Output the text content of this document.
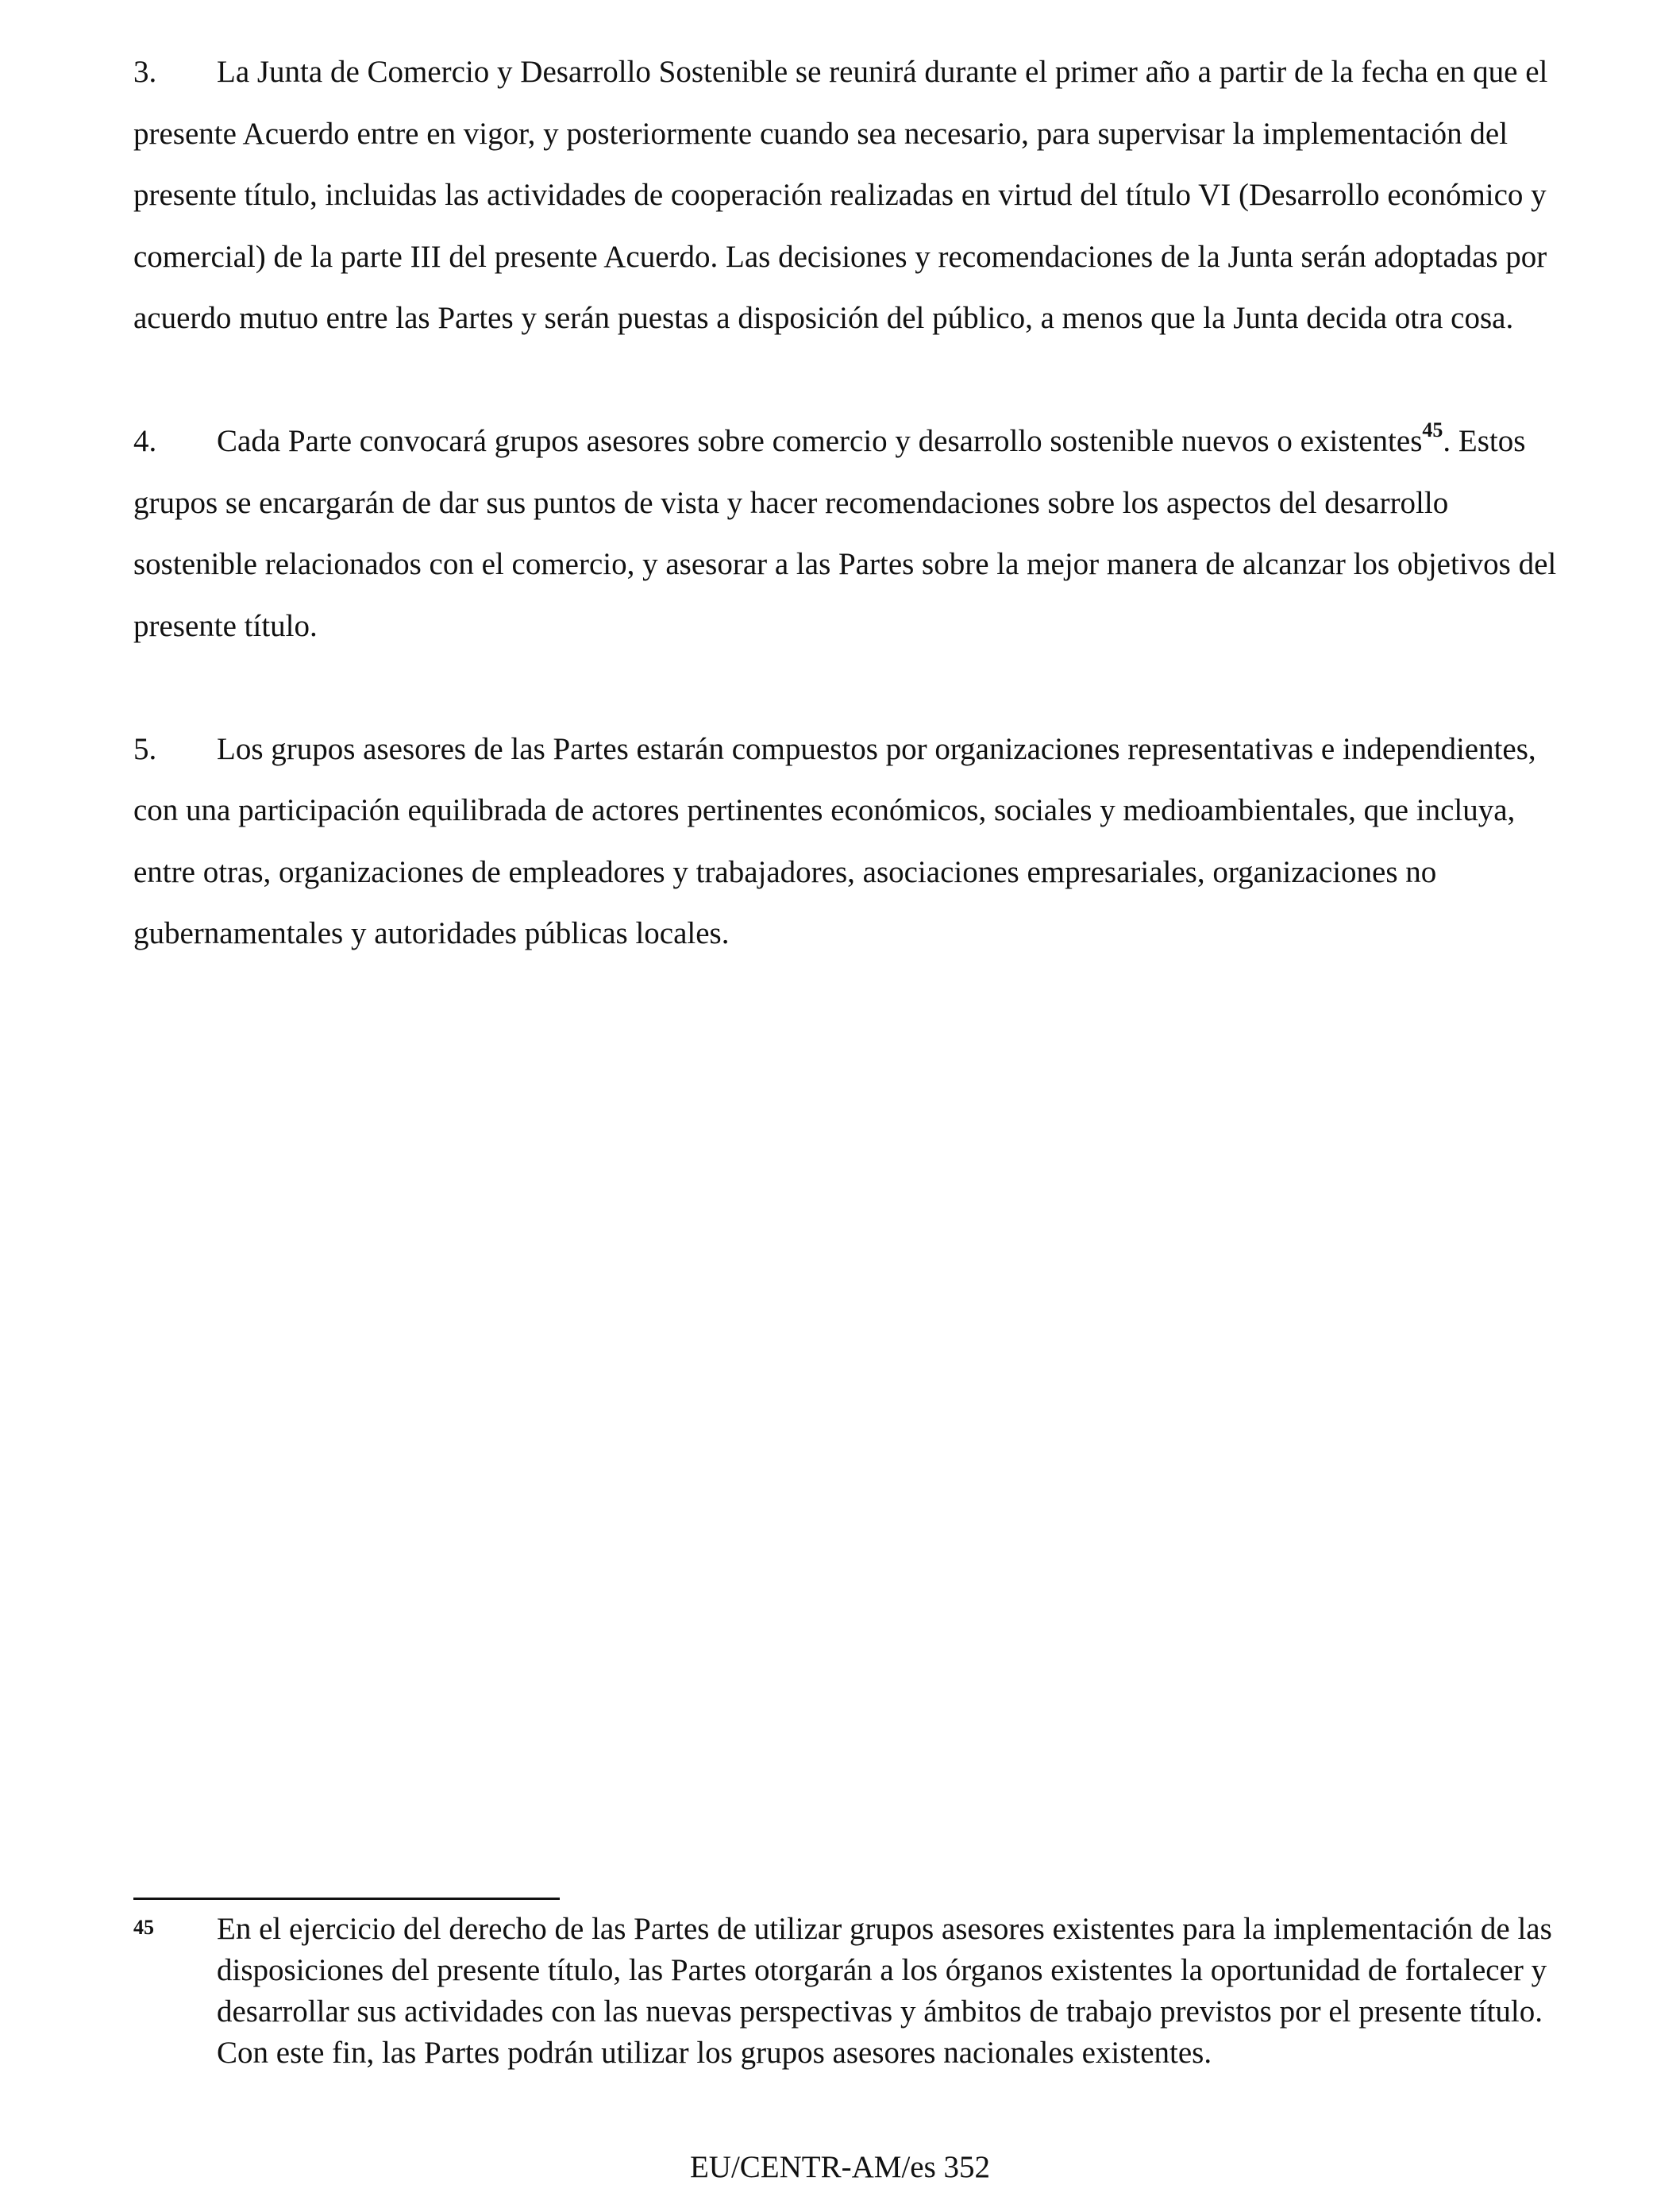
3. La Junta de Comercio y Desarrollo Sostenible se reunirá durante el primer año a partir de la fecha en que el presente Acuerdo entre en vigor, y posteriormente cuando sea necesario, para supervisar la implementación del presente título, incluidas las actividades de cooperación realizadas en virtud del título VI (Desarrollo económico y comercial) de la parte III del presente Acuerdo. Las decisiones y recomendaciones de la Junta serán adoptadas por acuerdo mutuo entre las Partes y serán puestas a disposición del público, a menos que la Junta decida otra cosa.

4. Cada Parte convocará grupos asesores sobre comercio y desarrollo sostenible nuevos o existentes$^{45}$. Estos grupos se encargarán de dar sus puntos de vista y hacer recomendaciones sobre los aspectos del desarrollo sostenible relacionados con el comercio, y asesorar a las Partes sobre la mejor manera de alcanzar los objetivos del presente título.

5. Los grupos asesores de las Partes estarán compuestos por organizaciones representativas e independientes, con una participación equilibrada de actores pertinentes económicos, sociales y medioambientales, que incluya, entre otras, organizaciones de empleadores y trabajadores, asociaciones empresariales, organizaciones no gubernamentales y autoridades públicas locales.

45 En el ejercicio del derecho de las Partes de utilizar grupos asesores existentes para la implementación de las disposiciones del presente título, las Partes otorgarán a los órganos existentes la oportunidad de fortalecer y desarrollar sus actividades con las nuevas perspectivas y ámbitos de trabajo previstos por el presente título. Con este fin, las Partes podrán utilizar los grupos asesores nacionales existentes.
EU/CENTR-AM/es 352
